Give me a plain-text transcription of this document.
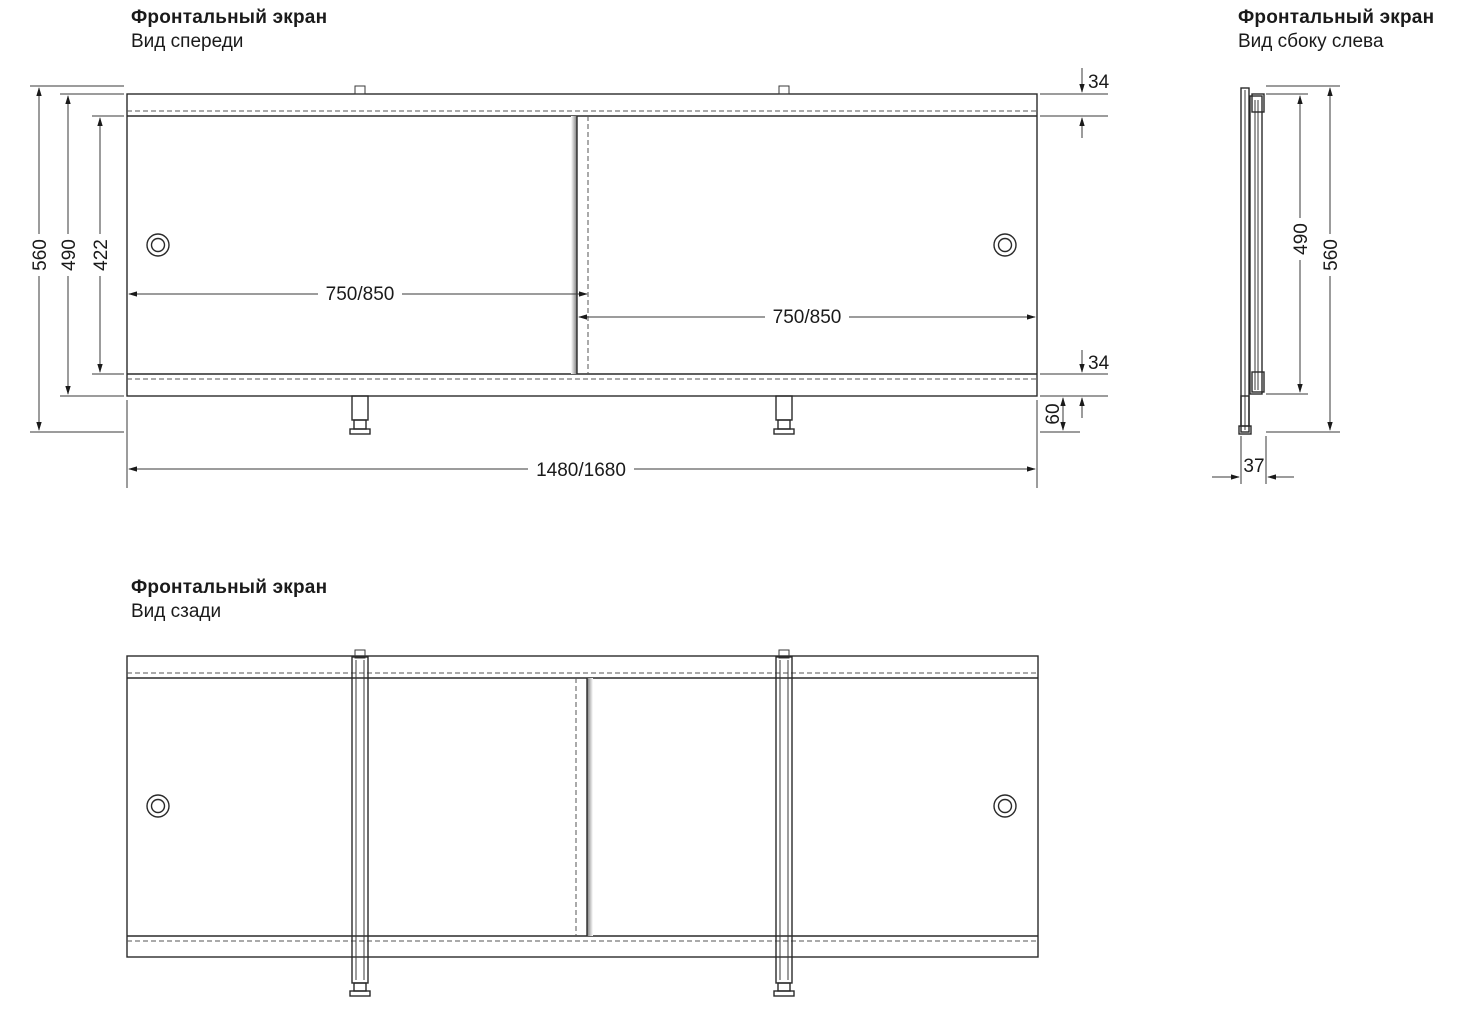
Фронтальный экран
Вид спереди
Фронтальный экран
Вид сбоку слева
Фронтальный экран
Вид сзади
560 490 422
750/850
750/850
34
34
60
1480/1680
490
560
37
